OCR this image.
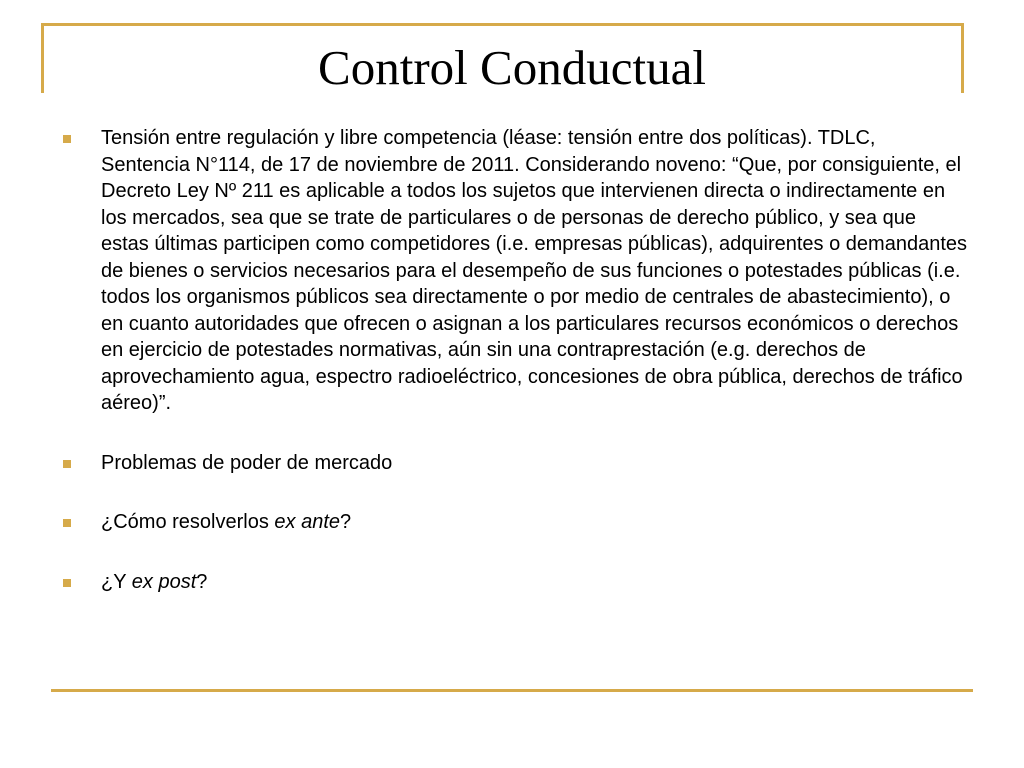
Control Conductual
Tensión entre regulación y libre competencia (léase: tensión entre dos políticas). TDLC, Sentencia N°114, de 17 de noviembre de 2011. Considerando noveno: “Que, por consiguiente, el Decreto Ley Nº 211 es aplicable a todos los sujetos que intervienen directa o indirectamente en los mercados, sea que se trate de particulares o de personas de derecho público, y sea que estas últimas participen como competidores (i.e. empresas públicas), adquirentes o demandantes de bienes o servicios necesarios para el desempeño de sus funciones o potestades públicas (i.e. todos los organismos públicos sea directamente o por medio de centrales de abastecimiento), o en cuanto autoridades que ofrecen o asignan a los particulares recursos económicos o derechos en ejercicio de potestades normativas, aún sin una contraprestación (e.g. derechos de aprovechamiento agua, espectro radioeléctrico, concesiones de obra pública, derechos de tráfico aéreo)”.
Problemas de poder de mercado
¿Cómo resolverlos ex ante?
¿Y ex post?
